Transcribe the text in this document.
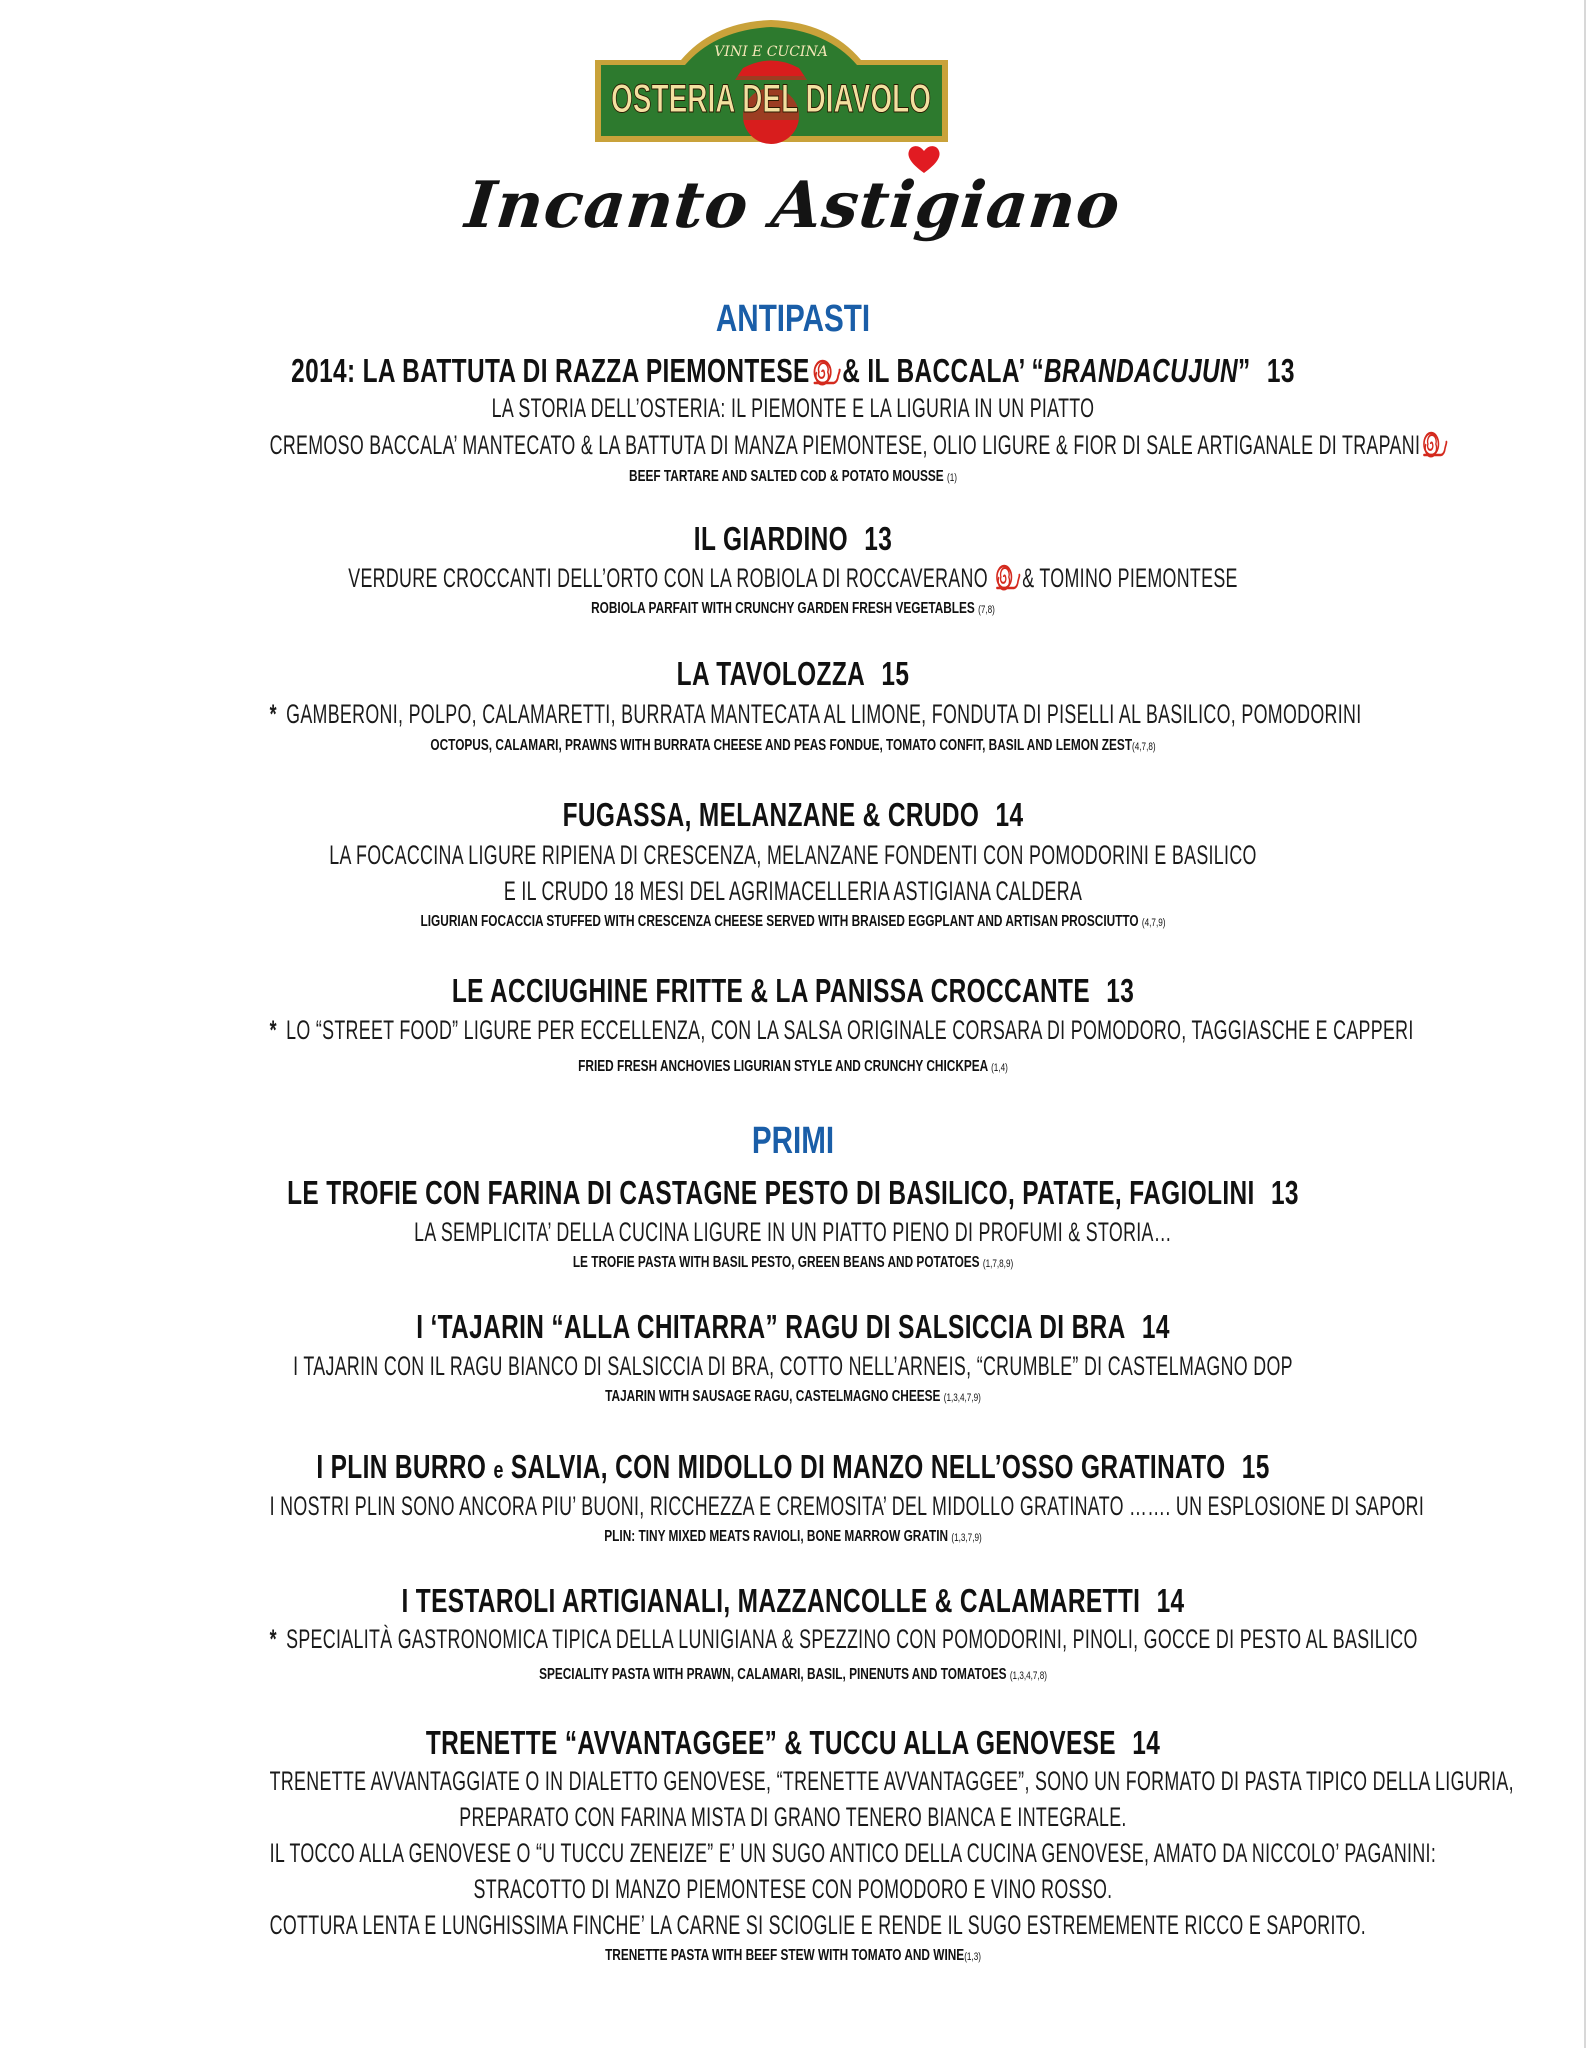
VINI E CUCINA
OSTERIA DEL DIAVOLO
Incanto Astigiano
ANTIPASTI
2014: LA BATTUTA DI RAZZA PIEMONTESE & IL BACCALA’ “BRANDACUJUN” 13
LA STORIA DELL’OSTERIA: IL PIEMONTE E LA LIGURIA IN UN PIATTO
CREMOSO BACCALA’ MANTECATO & LA BATTUTA DI MANZA PIEMONTESE, OLIO LIGURE & FIOR DI SALE ARTIGANALE DI TRAPANI
BEEF TARTARE AND SALTED COD & POTATO MOUSSE (1)
IL GIARDINO 13
VERDURE CROCCANTI DELL’ORTO CON LA ROBIOLA DI ROCCAVERANO & TOMINO PIEMONTESE
ROBIOLA PARFAIT WITH CRUNCHY GARDEN FRESH VEGETABLES (7,8)
LA TAVOLOZZA 15
* GAMBERONI, POLPO, CALAMARETTI, BURRATA MANTECATA AL LIMONE, FONDUTA DI PISELLI AL BASILICO, POMODORINI
OCTOPUS, CALAMARI, PRAWNS WITH BURRATA CHEESE AND PEAS FONDUE, TOMATO CONFIT, BASIL AND LEMON ZEST(4,7,8)
FUGASSA, MELANZANE & CRUDO 14
LA FOCACCINA LIGURE RIPIENA DI CRESCENZA, MELANZANE FONDENTI CON POMODORINI E BASILICO
E IL CRUDO 18 MESI DEL AGRIMACELLERIA ASTIGIANA CALDERA
LIGURIAN FOCACCIA STUFFED WITH CRESCENZA CHEESE SERVED WITH BRAISED EGGPLANT AND ARTISAN PROSCIUTTO (4,7,9)
LE ACCIUGHINE FRITTE & LA PANISSA CROCCANTE 13
* LO “STREET FOOD” LIGURE PER ECCELLENZA, CON LA SALSA ORIGINALE CORSARA DI POMODORO, TAGGIASCHE E CAPPERI
FRIED FRESH ANCHOVIES LIGURIAN STYLE AND CRUNCHY CHICKPEA (1,4)
PRIMI
LE TROFIE CON FARINA DI CASTAGNE PESTO DI BASILICO, PATATE, FAGIOLINI 13
LA SEMPLICITA’ DELLA CUCINA LIGURE IN UN PIATTO PIENO DI PROFUMI & STORIA…
LE TROFIE PASTA WITH BASIL PESTO, GREEN BEANS AND POTATOES (1,7,8,9)
I ‘TAJARIN “ALLA CHITARRA” RAGU DI SALSICCIA DI BRA 14
I TAJARIN CON IL RAGU BIANCO DI SALSICCIA DI BRA, COTTO NELL’ARNEIS, “CRUMBLE” DI CASTELMAGNO DOP
TAJARIN WITH SAUSAGE RAGU, CASTELMAGNO CHEESE (1,3,4,7,9)
I PLIN BURRO e SALVIA, CON MIDOLLO DI MANZO NELL’OSSO GRATINATO 15
I NOSTRI PLIN SONO ANCORA PIU’ BUONI, RICCHEZZA E CREMOSITA’ DEL MIDOLLO GRATINATO ……. UN ESPLOSIONE DI SAPORI
PLIN: TINY MIXED MEATS RAVIOLI, BONE MARROW GRATIN (1,3,7,9)
I TESTAROLI ARTIGIANALI, MAZZANCOLLE & CALAMARETTI 14
* SPECIALITÀ GASTRONOMICA TIPICA DELLA LUNIGIANA & SPEZZINO CON POMODORINI, PINOLI, GOCCE DI PESTO AL BASILICO
SPECIALITY PASTA WITH PRAWN, CALAMARI, BASIL, PINENUTS AND TOMATOES (1,3,4,7,8)
TRENETTE “AVVANTAGGEE” & TUCCU ALLA GENOVESE 14
TRENETTE AVVANTAGGIATE O IN DIALETTO GENOVESE, “TRENETTE AVVANTAGGEE”, SONO UN FORMATO DI PASTA TIPICO DELLA LIGURIA,
PREPARATO CON FARINA MISTA DI GRANO TENERO BIANCA E INTEGRALE.
IL TOCCO ALLA GENOVESE O “U TUCCU ZENEIZE” E’ UN SUGO ANTICO DELLA CUCINA GENOVESE, AMATO DA NICCOLO’ PAGANINI:
STRACOTTO DI MANZO PIEMONTESE CON POMODORO E VINO ROSSO.
COTTURA LENTA E LUNGHISSIMA FINCHE’ LA CARNE SI SCIOGLIE E RENDE IL SUGO ESTREMEMENTE RICCO E SAPORITO.
TRENETTE PASTA WITH BEEF STEW WITH TOMATO AND WINE(1,3)
